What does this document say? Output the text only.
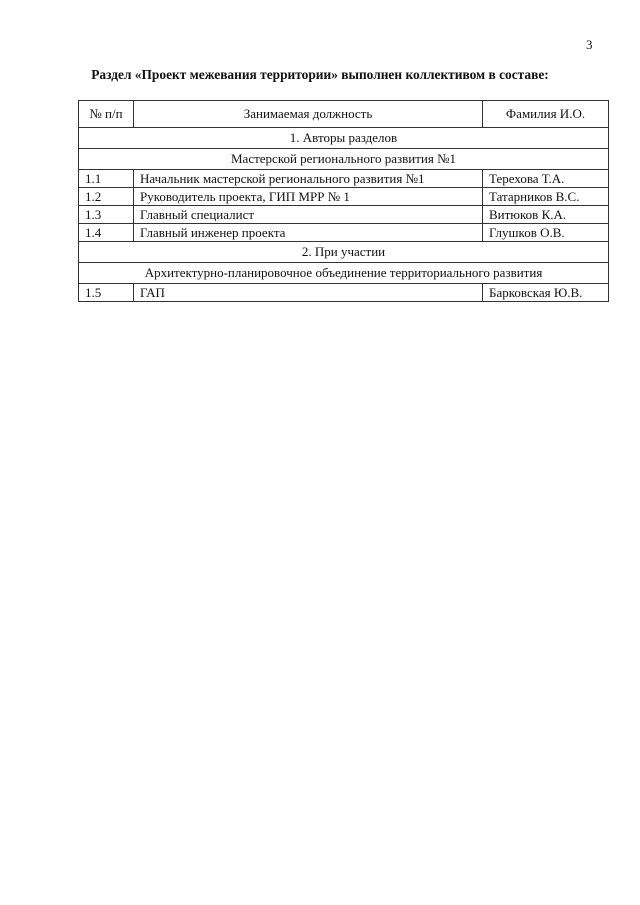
3
Раздел «Проект межевания территории» выполнен коллективом в составе:
№ п/п	Занимаемая должность	Фамилия И.О.
1. Авторы разделов		
Мастерской регионального развития №1		
1.1	Начальник мастерской регионального развития №1	Терехова Т.А.
1.2	Руководитель проекта, ГИП МРР № 1	Татарников В.С.
1.3	Главный специалист	Витюков К.А.
1.4	Главный инженер проекта	Глушков О.В.
2. При участии		
Архитектурно-планировочное объединение территориального развития		
1.5	ГАП	Барковская Ю.В.
